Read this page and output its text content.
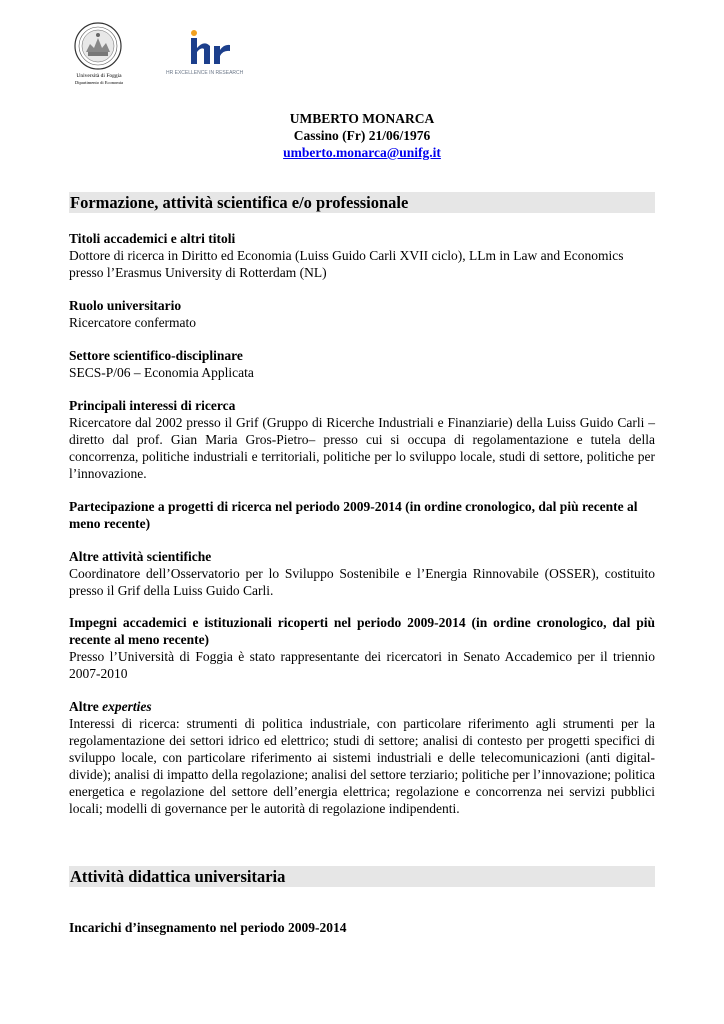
Università di Foggia
Dipartimento di Economia
HR EXCELLENCE IN RESEARCH
UMBERTO MONARCA
Cassino (Fr) 21/06/1976
umberto.monarca@unifg.it
Formazione, attività scientifica e/o professionale
Titoli accademici e altri titoli
Dottore di ricerca in Diritto ed Economia (Luiss Guido Carli XVII ciclo), LLm in Law and Economics presso l’Erasmus University di Rotterdam (NL)
Ruolo universitario
Ricercatore confermato
Settore scientifico-disciplinare
SECS-P/06 – Economia Applicata
Principali interessi di ricerca
Ricercatore dal 2002 presso il Grif (Gruppo di Ricerche Industriali e Finanziarie) della Luiss Guido Carli –diretto dal prof. Gian Maria Gros-Pietro– presso cui si occupa di regolamentazione e tutela della concorrenza, politiche industriali e territoriali, politiche per lo sviluppo locale, studi di settore, politiche per l’innovazione.
Partecipazione a progetti di ricerca nel periodo 2009-2014 (in ordine cronologico, dal più recente al meno recente)
Altre attività scientifiche
Coordinatore dell’Osservatorio per lo Sviluppo Sostenibile e l’Energia Rinnovabile (OSSER), costituito presso il Grif della Luiss Guido Carli.
Impegni accademici e istituzionali ricoperti nel periodo 2009-2014 (in ordine cronologico, dal più recente al meno recente)
Presso l’Università di Foggia è stato rappresentante dei ricercatori in Senato Accademico per il triennio 2007-2010
Altre experties
Interessi di ricerca: strumenti di politica industriale, con particolare riferimento agli strumenti per la regolamentazione dei settori idrico ed elettrico; studi di settore; analisi di contesto per progetti specifici di sviluppo locale, con particolare riferimento ai sistemi industriali e delle telecomunicazioni (anti digital-divide); analisi di impatto della regolazione; analisi del settore terziario; politiche per l’innovazione; politica energetica e regolazione del settore dell’energia elettrica; regolazione e concorrenza nei servizi pubblici locali; modelli di governance per le autorità di regolazione indipendenti.
Attività didattica universitaria
Incarichi d’insegnamento nel periodo 2009-2014
